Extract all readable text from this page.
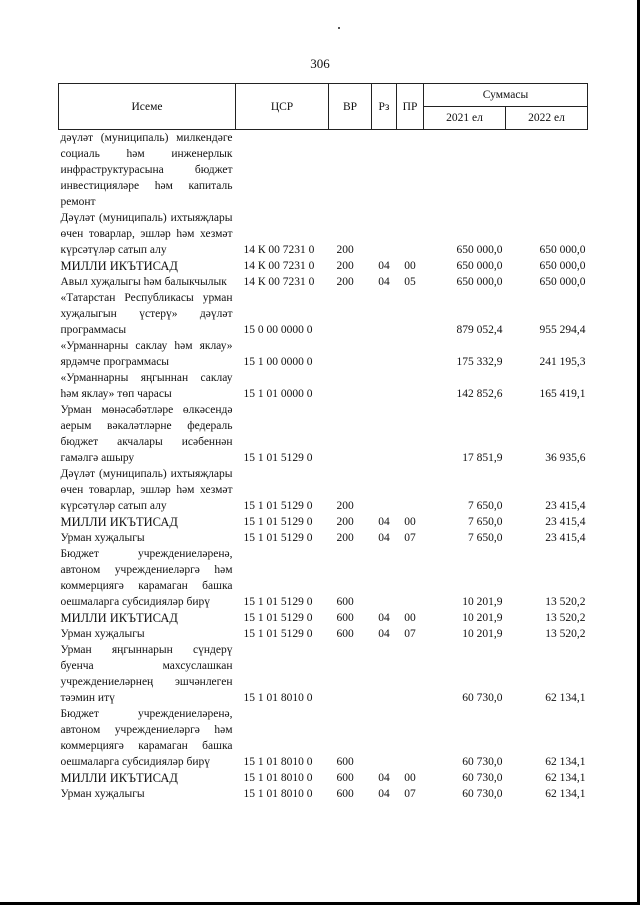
306
Исеме	ЦСР	ВР	Рз	ПР	Суммасы	
					2021 ел	2022 ел
дәүләт (муниципаль) милкендәге социаль һәм инженерлык инфраструктурасына бюджет инвестицияләре һәм капиталь ремонт						
Дәүләт (муниципаль) ихтыяҗлары өчен товарлар, эшләр һәм хезмәт күрсәтүләр сатып алу	14 К 00 7231 0	200			650 000,0	650 000,0
МИЛЛИ ИКЪТИСАД	14 К 00 7231 0	200	04	00	650 000,0	650 000,0
Авыл хуҗалыгы һәм балыкчылык	14 К 00 7231 0	200	04	05	650 000,0	650 000,0
«Татарстан Республикасы урман хуҗалыгын үстерү» дәүләт программасы	15 0 00 0000 0				879 052,4	955 294,4
«Урманнарны саклау һәм яклау» ярдәмче программасы	15 1 00 0000 0				175 332,9	241 195,3
«Урманнарны яңгыннан саклау һәм яклау» төп чарасы	15 1 01 0000 0				142 852,6	165 419,1
Урман мөнәсәбәтләре өлкәсендә аерым вәкаләтләрне федераль бюджет акчалары исәбеннән гамәлгә ашыру	15 1 01 5129 0				17 851,9	36 935,6
Дәүләт (муниципаль) ихтыяҗлары өчен товарлар, эшләр һәм хезмәт күрсәтүләр сатып алу	15 1 01 5129 0	200			7 650,0	23 415,4
МИЛЛИ ИКЪТИСАД	15 1 01 5129 0	200	04	00	7 650,0	23 415,4
Урман хуҗалыгы	15 1 01 5129 0	200	04	07	7 650,0	23 415,4
Бюджет учреждениеләренә, автоном учреждениеләргә һәм коммерциягә карамаган башка оешмаларга субсидияләр бирү	15 1 01 5129 0	600			10 201,9	13 520,2
МИЛЛИ ИКЪТИСАД	15 1 01 5129 0	600	04	00	10 201,9	13 520,2
Урман хуҗалыгы	15 1 01 5129 0	600	04	07	10 201,9	13 520,2
Урман яңгыннарын сүндерү буенча махсуслашкан учреждениеләрнең эшчәнлеген тәэмин итү	15 1 01 8010 0				60 730,0	62 134,1
Бюджет учреждениеләренә, автоном учреждениеләргә һәм коммерциягә карамаган башка оешмаларга субсидияләр бирү	15 1 01 8010 0	600			60 730,0	62 134,1
МИЛЛИ ИКЪТИСАД	15 1 01 8010 0	600	04	00	60 730,0	62 134,1
Урман хуҗалыгы	15 1 01 8010 0	600	04	07	60 730,0	62 134,1
